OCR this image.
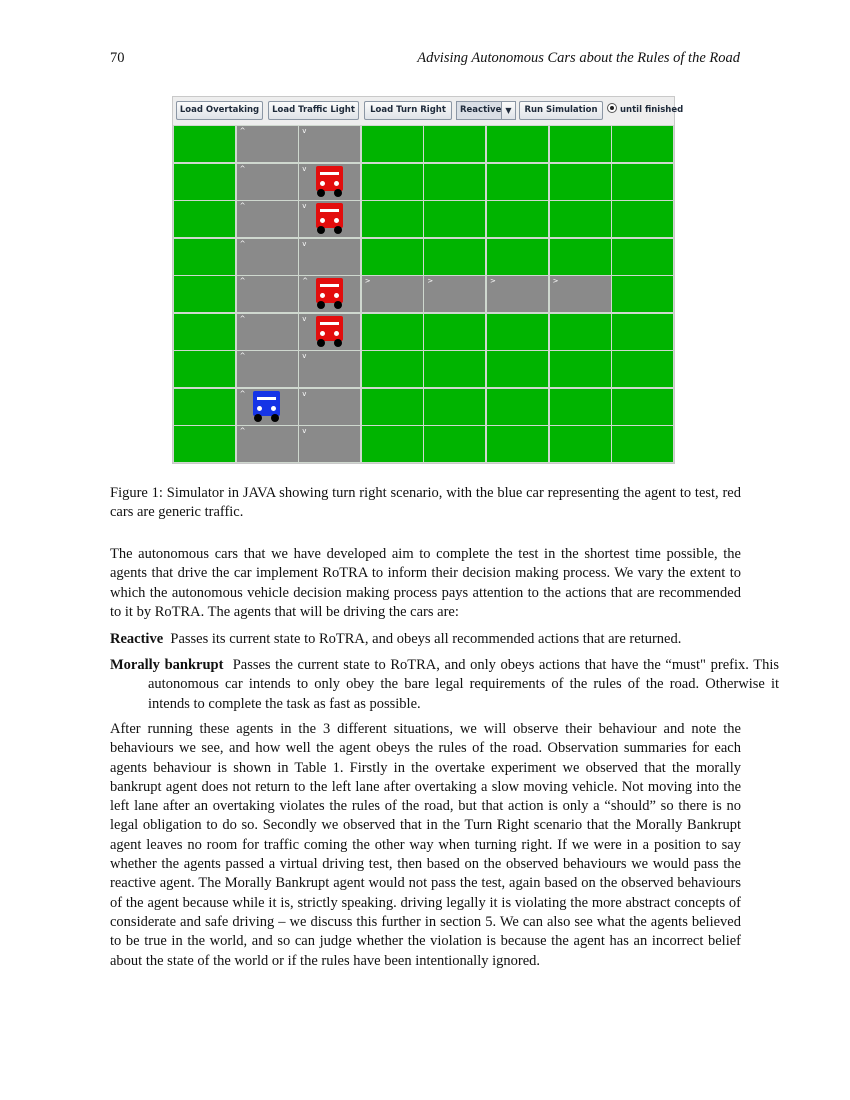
70	Advising Autonomous Cars about the Rules of the Road
Load Overtaking	Load Traffic Light	Load Turn Right	Reactive ▼	Run Simulation	until finished
^	v
^	v
^	v
^	v
^	^	>	>	>	>
^	v
^	v
^	v
^	v
Figure 1: Simulator in JAVA showing turn right scenario, with the blue car representing the agent to test, red cars are generic traffic.

The autonomous cars that we have developed aim to complete the test in the shortest time possible, the agents that drive the car implement RoTRA to inform their decision making process. We vary the extent to which the autonomous vehicle decision making process pays attention to the actions that are recommended to it by RoTRA. The agents that will be driving the cars are:

Reactive Passes its current state to RoTRA, and obeys all recommended actions that are returned.

Morally bankrupt Passes the current state to RoTRA, and only obeys actions that have the “must" prefix. This autonomous car intends to only obey the bare legal requirements of the rules of the road. Otherwise it intends to complete the task as fast as possible.

After running these agents in the 3 different situations, we will observe their behaviour and note the behaviours we see, and how well the agent obeys the rules of the road. Observation summaries for each agents behaviour is shown in Table 1. Firstly in the overtake experiment we observed that the morally bankrupt agent does not return to the left lane after overtaking a slow moving vehicle. Not moving into the left lane after an overtaking violates the rules of the road, but that action is only a “should” so there is no legal obligation to do so. Secondly we observed that in the Turn Right scenario that the Morally Bankrupt agent leaves no room for traffic coming the other way when turning right. If we were in a position to say whether the agents passed a virtual driving test, then based on the observed behaviours we would pass the reactive agent. The Morally Bankrupt agent would not pass the test, again based on the observed behaviours of the agent because while it is, strictly speaking. driving legally it is violating the more abstract concepts of considerate and safe driving – we discuss this further in section 5. We can also see what the agents believed to be true in the world, and so can judge whether the violation is because the agent has an incorrect belief about the state of the world or if the rules have been intentionally ignored.
